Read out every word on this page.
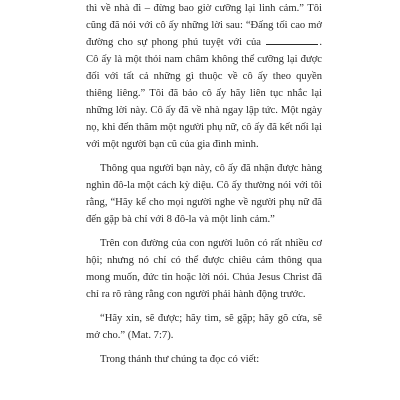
thì về nhà đi – đừng bao giờ cưỡng lại linh cảm.” Tôi cũng đã nói với cô ấy những lời sau: “Đấng tối cao mở đường cho sự phong phú tuyệt với của	. Cô ấy là một thỏi nam châm không thể cưỡng lại được đối với tất cả những gì thuộc về cô ấy theo quyền thiêng liêng.” Tôi đã bảo cô ấy hãy liên tục nhắc lại những lời này. Cô ấy đã về nhà ngay lập tức. Một ngày nọ, khi đến thăm một người phụ nữ, cô ấy đã kết nối lại với một người bạn cũ của gia đình mình.

Thông qua người bạn này, cô ấy đã nhận được hàng nghìn đô-la một cách kỳ diệu. Cô ấy thường nói với tôi rằng, “Hãy kể cho mọi người nghe về người phụ nữ đã đến gặp bà chỉ với 8 đô-la và một linh cảm.”

Trên con đường của con người luôn có rất nhiều cơ hội; nhưng nó chỉ có thể được chiêu cảm thông qua mong muốn, đức tin hoặc lời nói. Chúa Jesus Christ đã chỉ ra rõ ràng rằng con người phải hành động trước.

“Hãy xin, sẽ được; hãy tìm, sẽ gặp; hãy gõ cửa, sẽ mở cho.” (Mat. 7:7).

Trong thánh thư chúng ta đọc có viết:
